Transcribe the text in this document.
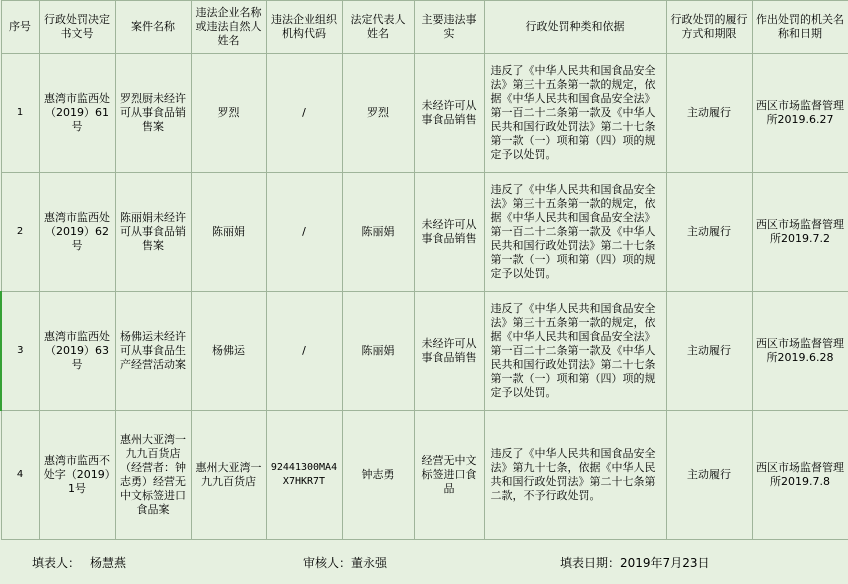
序号	行政处罚决定书文号	案件名称	违法企业名称或违法自然人姓名	违法企业组织机构代码	法定代表人姓名	主要违法事实	行政处罚种类和依据	行政处罚的履行方式和期限	作出处罚的机关名称和日期
1	惠湾市监西处（2019）61号	罗烈厨未经许可从事食品销售案	罗烈	/	罗烈	未经许可从事食品销售	违反了《中华人民共和国食品安全法》第三十五条第一款的规定，依据《中华人民共和国食品安全法》第一百二十二条第一款及《中华人民共和国行政处罚法》第二十七条第一款（一）项和第（四）项的规定予以处罚。	主动履行	西区市场监督管理所2019.6.27
2	惠湾市监西处（2019）62号	陈丽娟未经许可从事食品销售案	陈丽娟	/	陈丽娟	未经许可从事食品销售	违反了《中华人民共和国食品安全法》第三十五条第一款的规定，依据《中华人民共和国食品安全法》第一百二十二条第一款及《中华人民共和国行政处罚法》第二十七条第一款（一）项和第（四）项的规定予以处罚。	主动履行	西区市场监督管理所2019.7.2
3	惠湾市监西处（2019）63号	杨佛运未经许可从事食品生产经营活动案	杨佛运	/	陈丽娟	未经许可从事食品销售	违反了《中华人民共和国食品安全法》第三十五条第一款的规定，依据《中华人民共和国食品安全法》第一百二十二条第一款及《中华人民共和国行政处罚法》第二十七条第一款（一）项和第（四）项的规定予以处罚。	主动履行	西区市场监督管理所2019.6.28
4	惠湾市监西不处字（2019）1号	惠州大亚湾一九九百货店（经营者：钟志勇）经营无中文标签进口食品案	惠州大亚湾一九九百货店	92441300MA4X7HKR7T	钟志勇	经营无中文标签进口食品	违反了《中华人民共和国食品安全法》第九十七条，依据《中华人民共和国行政处罚法》第二十七条第二款，不予行政处罚。	主动履行	西区市场监督管理所2019.7.8
填表人： 杨慧燕	审核人：董永强	填表日期：2019年7月23日
